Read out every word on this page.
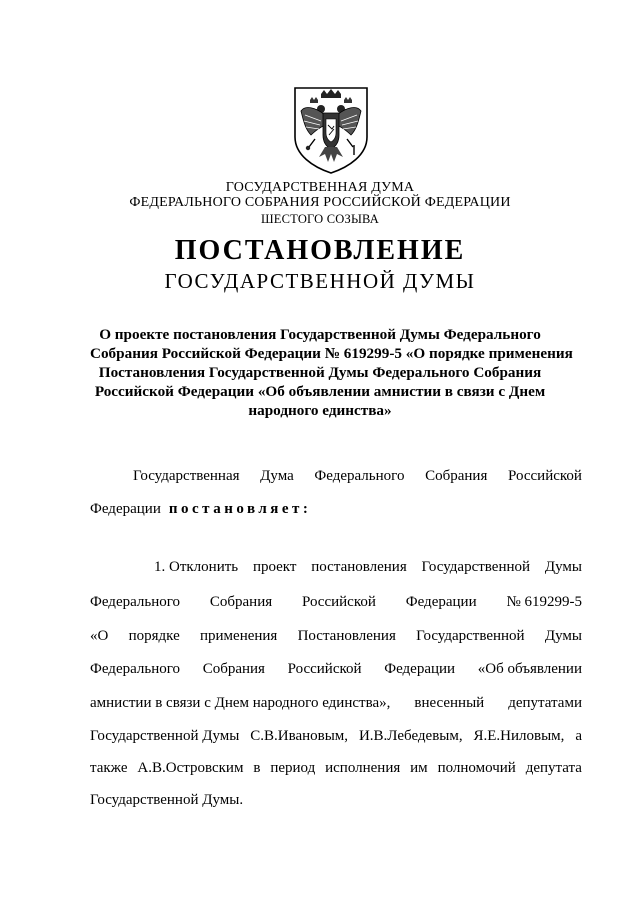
ГОСУДАРСТВЕННАЯ ДУМА
ФЕДЕРАЛЬНОГО СОБРАНИЯ РОССИЙСКОЙ ФЕДЕРАЦИИ
ШЕСТОГО СОЗЫВА
ПОСТАНОВЛЕНИЕ
ГОСУДАРСТВЕННОЙ ДУМЫ
О проекте постановления Государственной Думы Федерального
Собрания Российской Федерации № 619299-5 «О порядке применения
Постановления Государственной Думы Федерального Собрания
Российской Федерации «Об объявлении амнистии в связи с Днем
народного единства»
Государственная Дума Федерального Собрания Российской
Федерации постановляет:
1. Отклонить проект постановления Государственной Думы
Федерального Собрания Российской Федерации № 619299-5
«О порядке применения Постановления Государственной Думы
Федерального Собрания Российской Федерации «Об объявлении
амнистии в связи с Днем народного единства», внесенный депутатами
Государственной Думы С.В.Ивановым, И.В.Лебедевым, Я.Е.Ниловым, а
также А.В.Островским в период исполнения им полномочий депутата
Государственной Думы.
